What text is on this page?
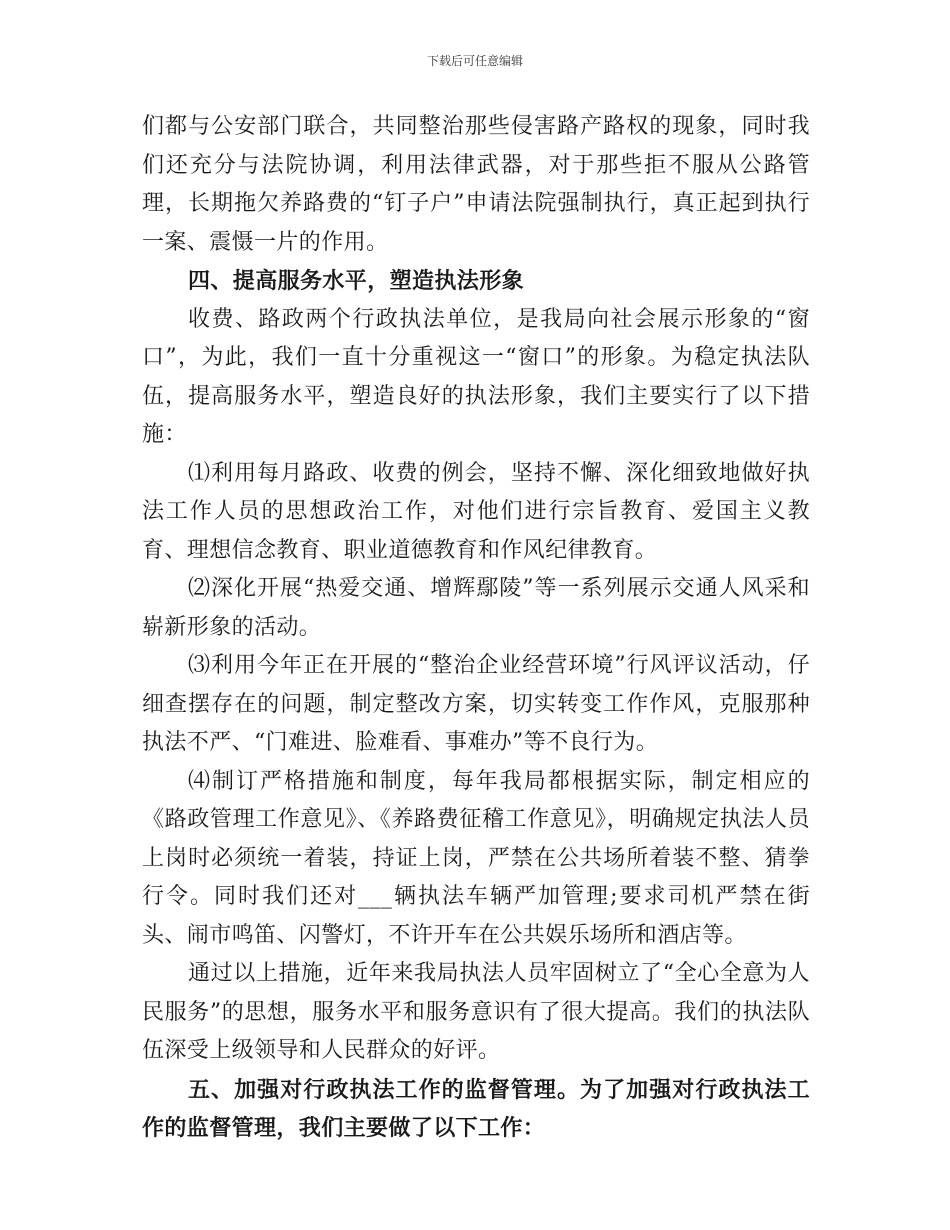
下载后可任意编辑

们都与公安部门联合，共同整治那些侵害路产路权的现象，同时我们还充分与法院协调，利用法律武器，对于那些拒不服从公路管理，长期拖欠养路费的“钉子户”申请法院强制执行，真正起到执行一案、震慑一片的作用。

四、提高服务水平，塑造执法形象

收费、路政两个行政执法单位，是我局向社会展示形象的“窗口”，为此，我们一直十分重视这一“窗口”的形象。为稳定执法队伍，提高服务水平，塑造良好的执法形象，我们主要实行了以下措施：

⑴利用每月路政、收费的例会，坚持不懈、深化细致地做好执法工作人员的思想政治工作，对他们进行宗旨教育、爱国主义教育、理想信念教育、职业道德教育和作风纪律教育。

⑵深化开展“热爱交通、增辉鄢陵”等一系列展示交通人风采和崭新形象的活动。

⑶利用今年正在开展的“整治企业经营环境”行风评议活动，仔细查摆存在的问题，制定整改方案，切实转变工作作风，克服那种执法不严、“门难进、脸难看、事难办”等不良行为。

⑷制订严格措施和制度，每年我局都根据实际，制定相应的《路政管理工作意见》、《养路费征稽工作意见》，明确规定执法人员上岗时必须统一着装，持证上岗，严禁在公共场所着装不整、猜拳行令。同时我们还对___辆执法车辆严加管理;要求司机严禁在街头、闹市鸣笛、闪警灯，不许开车在公共娱乐场所和酒店等。

通过以上措施，近年来我局执法人员牢固树立了“全心全意为人民服务”的思想，服务水平和服务意识有了很大提高。我们的执法队伍深受上级领导和人民群众的好评。

五、加强对行政执法工作的监督管理。为了加强对行政执法工作的监督管理，我们主要做了以下工作：
